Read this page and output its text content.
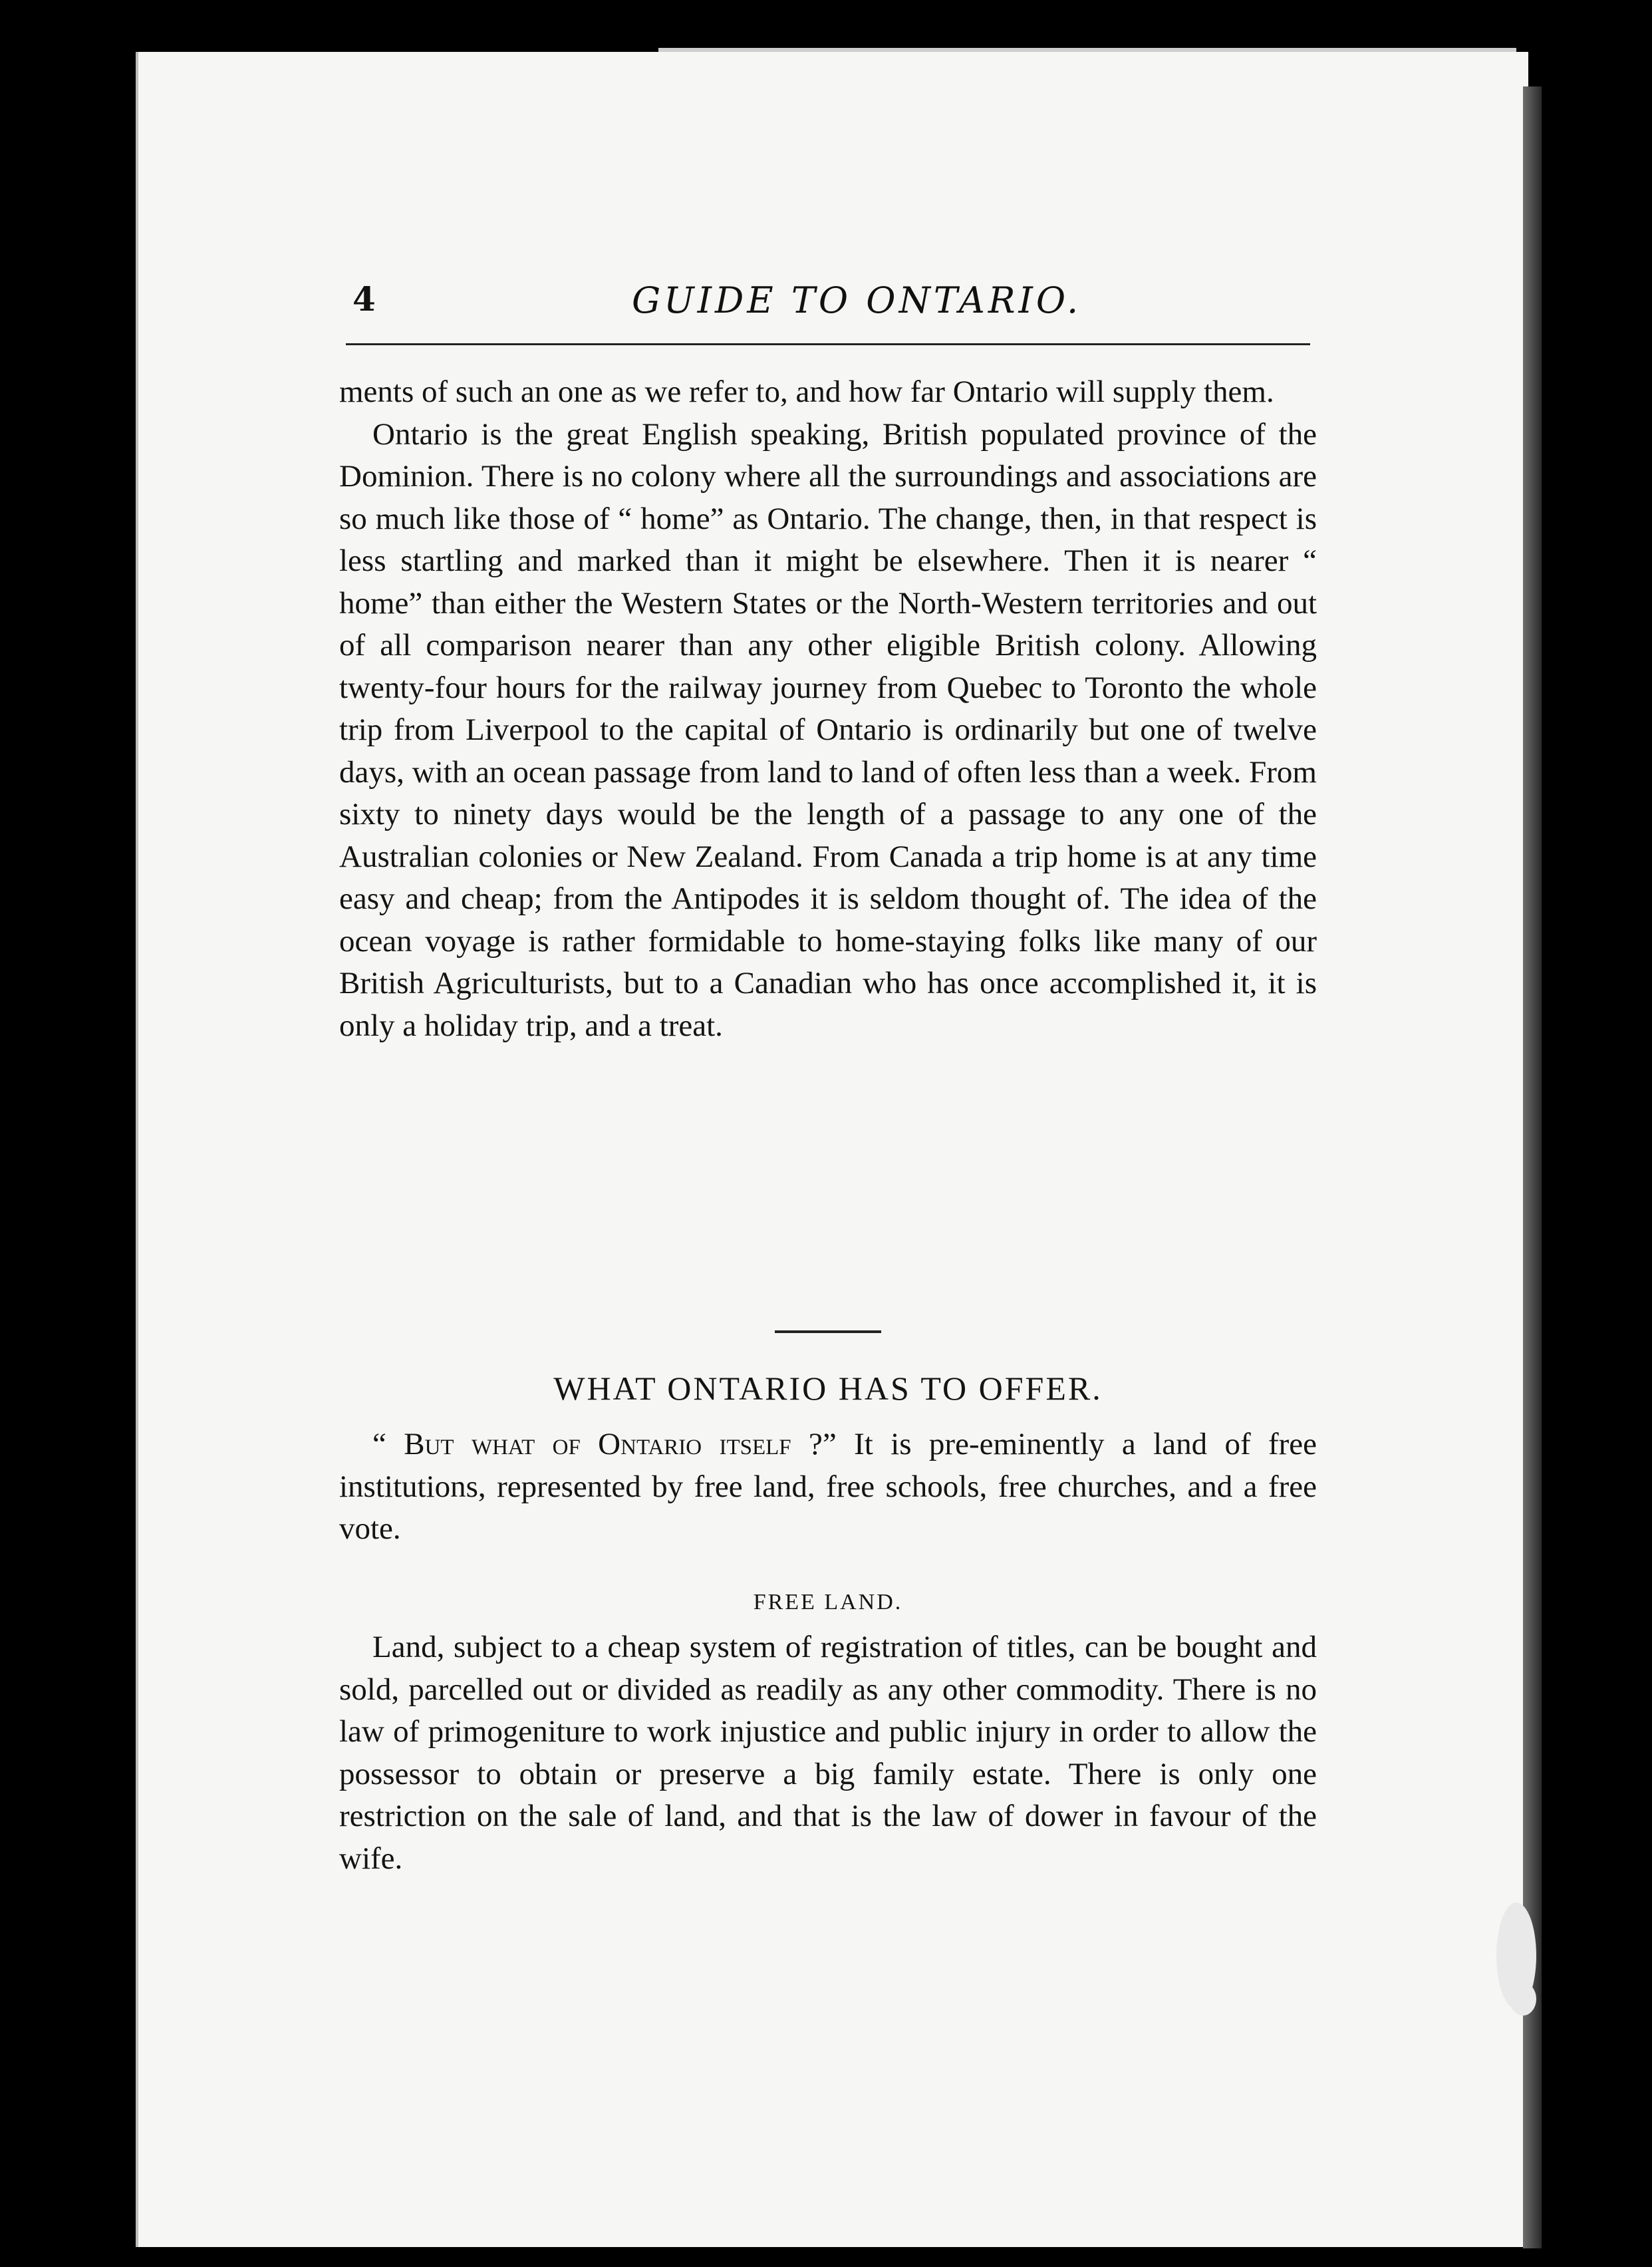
4	GUIDE TO ONTARIO.

ments of such an one as we refer to, and how far Ontario will supply them.

Ontario is the great English speaking, British populated province of the Dominion. There is no colony where all the surroundings and associations are so much like those of “ home” as Ontario. The change, then, in that respect is less startling and marked than it might be elsewhere. Then it is nearer “ home” than either the Western States or the North-Western territories and out of all comparison nearer than any other eligible British colony. Allowing twenty-four hours for the railway journey from Quebec to Toronto the whole trip from Liverpool to the capital of Ontario is ordinarily but one of twelve days, with an ocean passage from land to land of often less than a week. From sixty to ninety days would be the length of a passage to any one of the Australian colonies or New Zealand. From Canada a trip home is at any time easy and cheap; from the Antipodes it is seldom thought of. The idea of the ocean voyage is rather formidable to home-staying folks like many of our British Agriculturists, but to a Canadian who has once accomplished it, it is only a holiday trip, and a treat.

WHAT ONTARIO HAS TO OFFER.

“ But what of Ontario itself ?” It is pre-eminently a land of free institutions, represented by free land, free schools, free churches, and a free vote.

FREE LAND.

Land, subject to a cheap system of registration of titles, can be bought and sold, parcelled out or divided as readily as any other commodity. There is no law of primogeniture to work injustice and public injury in order to allow the possessor to obtain or preserve a big family estate. There is only one restriction on the sale of land, and that is the law of dower in favour of the wife.
